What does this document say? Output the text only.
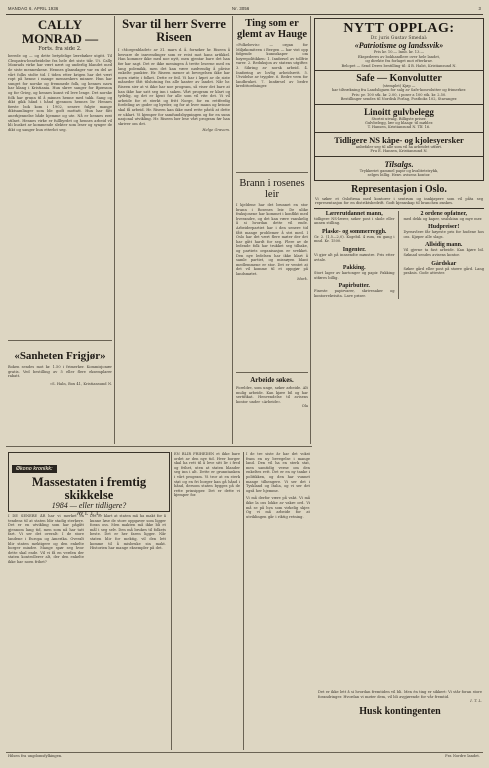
MANDAG 6. APRIL 1936	Nr. 3056	3
CALLY MONRAD —

Forts. fra side 2.

berede og — og dette betydelige lærebøker utgitt. Til Cleopatra-bearbeidelse fra hele det siste tiår. Ut. Cally Monrads virke har vært nært og underlig blandet med de siste menneskene. Hennes glansdager var en del av vårt folks stolte tid. I tiden etter krigen har det vært ropt på henne i mange menneskers minner. Hun har sunget for norske og fremmede folk, og hennes navn har klang i Kristiania. Hun skrev sanger for Bjørnson og for Grieg, og hennes kunst vil leve lenge. Det norske folk har grunn til å minnes henne med takk. Sang og dikt gikk hånd i hånd gjennom hennes liv. Hennes første bok kom i 1902, senere fulgte mange diktsamlinger som ble godt mottatt. Hun har fått anerkjennelse både hjemme og ute. Nå er hennes røst stilnet. Hennes virke er fullbyrdet og hennes arbeid vil bli husket av kommende slekter som leser og synger de dikt og sanger hun etterlot seg.

«Sanheten Frigjør»

Boken sendes mot kr. 1.50 i frimerker. Kommisjonær gratis. Ved bestilling av 5 eller flere eksemplarer rabatt.

«S. Haln, Box 41, Kristiansund N.

Svar til herr Sverre Riseen

I «Morgenbladet» av 31. mars d. å. forsøker hr. Riseen å besvare de innvendinger som er reist mot hans artikkel. Han kommer ikke med noe nytt, men gjentar bare det han før har sagt. Det er ikke meningen å trette leserne med en lang polemikk, men det kan være nødvendig å påvise enkelte punkter. Hr. Riseen mener at bevegelsen ikke har noen støtte i folket. Dette er feil. Vi har i løpet av de siste måneder fått tilslutning fra alle kanter av landet. Når hr. Riseen sier at vi ikke har noe program, så viser det bare at han ikke har satt seg inn i saken. Vårt program er klart og tydelig, og det er kjent for alle som vil vite det. Vi vil arbeide for et sterkt og fritt Norge, for en rettferdig fordeling av goder og byrder, og for at hver mann og kvinne skal få arbeid. Hr. Riseen kan ikke med rette påstå at dette er uklart. Vi kjemper for samfundsbygningen og for en sunn nasjonal utvikling. Hr. Riseen bør lese vårt program før han skriver om det.

Helge Gravem.

Ting som er glemt av Hauge

«Folkebevis» — organ for Miljøkomiteen i Bergen — har vist opp følgende kunnskaper om høyrepolitikken: 1. Innførsel av tollfrie varer. 2. Reduksjon av statens utgifter. 3. Sikring av norsk arbeid. 4. Innføring av lovlig arbeidsrett. 5. Utvidelse av trygder. 6. Bedre vern for landbruket. 7. Innførsel av bedre kredittordninger.

Brann i rosenes leir

I kjeldene har det brunnet en stor brann i Rosenes leir. De ulike fraksjonene har kommet i konflikt med hverandre, og det kan være vanskelig å si hvordan dette vil ende. Arbeiderpartiet har i den senere tid fått mange problemer å stri med. I Oslo har det vært flere møter der det har gått hardt for seg. Flere av de ledende folk har trukket seg tilbake, og partiets organisasjon er svekket. Den nye ledelsen har ikke klart å samle partiet, og misnøyen blant medlemmene er stor. Det er ventet at det vil komme til et oppgjør på landsmøtet.

Mark.

Arbeide søkes.

Foreldre, som unge, søker arbeide. Alt mulig arbeide. Kan kjøre bil og har sertifikat. Henvendelse til avisens kontor under «Arbeide».

Ola

NYTT OPPLAG:

Dr. juris Gustav Smedal:

«Patriotisme og landssvik»

Pris kr. 10.— Innb. kr. 13.—

Ekspederes av bokhandlere over hele landet,

og direkte fra forlaget mot efterkrav.

Belopet — Send Deres bestilling til: 4 B. Halst, Kristiansund N.

Safe — Konvolutter

(stemplet) Kjøp —

har tiltrækning fra Landsligaen for salg av Safe-konvolutter og frimerker.

Pris: pr. 100 stk. kr. 2.00, i poser a 100 stk. kr. 2.50.

Bestillinger sendes til Nordisk Forlag, Postboks 102, Stavanger.

Linoitt gulvbelegg

Stortst utvalg. Billigste priser.

Gulvbelegg, lær og blaagr. til møbler.

T. Hansen, Kristiansund N. Tlf. 16.

Tidligere NS kåpe- og kjolesyersker

anbefaler seg til alle som vil ha arbeidet utført.

Fru E. Hansen, Kristiansund N.

Tilsalgs.

Trykkeriet gammel papir og kvalitetstrykk,

selges billig. Henv. avisens kontor.

Representasjon i Oslo.

Vi søker et Oslofirma med kontorer i sentrum og innkjøpere som vil påta seg representasjon for en distriktsbedrift. Godt kjennskap til branchen ønskes.

Lærerutdannet mann,

tidligere NS-lærer, søker post i skole eller annen stilling.

Plaske- og sommerreggh.

Gr. 2. (1,5—2,0). Kogebil. 4 rum, en gang i mnd. Kr. 1500.

Ingenter.

Vi gjør alt på innsendte mønstre. Pris etter avtale.

Pakking.

Stort lager av kartonger og papir. Pakking utføres billig.

Papirbutter.

Fineste papirvarer, skrivesaker og kontorrekvisita. Lave priser.

2 ordene opfatner,

med dekk og kaper, sealskinn og mye mer.

Hudpreiser!

Dyreavlere får høyeste pris for hudene hos oss. Kjøper alle slags.

Allsidig mann.

Vil gjerne ta fast arbeide. Kan kjøre bil. Søknad sendes avisens kontor.

Gårdskar

Søker gård eller post på større gård. Lang praksis. Gode attester.

Økono kronikk:
Massestaten i fremtig skikkelse

1984 — eller tidligere?

Av I. T. L.

I DE SENERE ÅR har vi merket en tendens til at staten blir stadig sterkere. Det er en utvikling som har pågått gjennom lang tid, men som nå har tatt fart. Vi ser det overalt: I de store landene i Europa og Amerika. Overalt blir staten mektigere og den enkelte borger mindre. Mange spør seg hvor dette skal ende. Vil vi få en verden der staten kontrollerer alt, der den enkelte ikke har noen frihet?

Det er klart at staten må ha makt for å kunne løse de store oppgaver som ligger foran oss. Men makten må ikke bli et mål i seg selv. Den må brukes til folkets beste. Det er her faren ligger. Når staten blir for mektig, vil den lett komme til å misbruke sin makt. Historien har mange eksempler på det.

EN BLIR FRIHEDEN et ikke bare ordet av den nye tid. Hver borger skal ha rett til å leve sitt liv i fred og frihet, uten at staten blander seg inn i alt. Dette er grunntanken i vårt program. Vi tror at en sterk stat og en fri borger kan gå hånd i hånd, dersom staten bygges på de rette prinsipper. Det er dette vi kjemper for.

I de tre siste år har det vokst fram en ny bevegelse i mange land. Den vil ha en sterk stat, men samtidig verne om den enkeltes rett. Det er en ny tanke i politikken, og den har vunnet mange tilhengere. Vi ser det i Tyskland og Italia, og vi ser det også her hjemme.

Vi må derfor være på vakt. Vi må ikke la oss lokke av vakre ord. Vi må se på hva som virkelig skjer. Og vi må arbeide for at utviklingen går i riktig retning.

Det er ikke lett å si hvordan fremtiden vil bli. Men én ting er sikkert: Vi står foran store forandringer. Hvordan vi møter dem, vil bli avgjørende for vår fremtid.

I. T. L.

Husk kontingenten

Hilsen fra ungdomsfylkingen.	Fra Nordre landet.
